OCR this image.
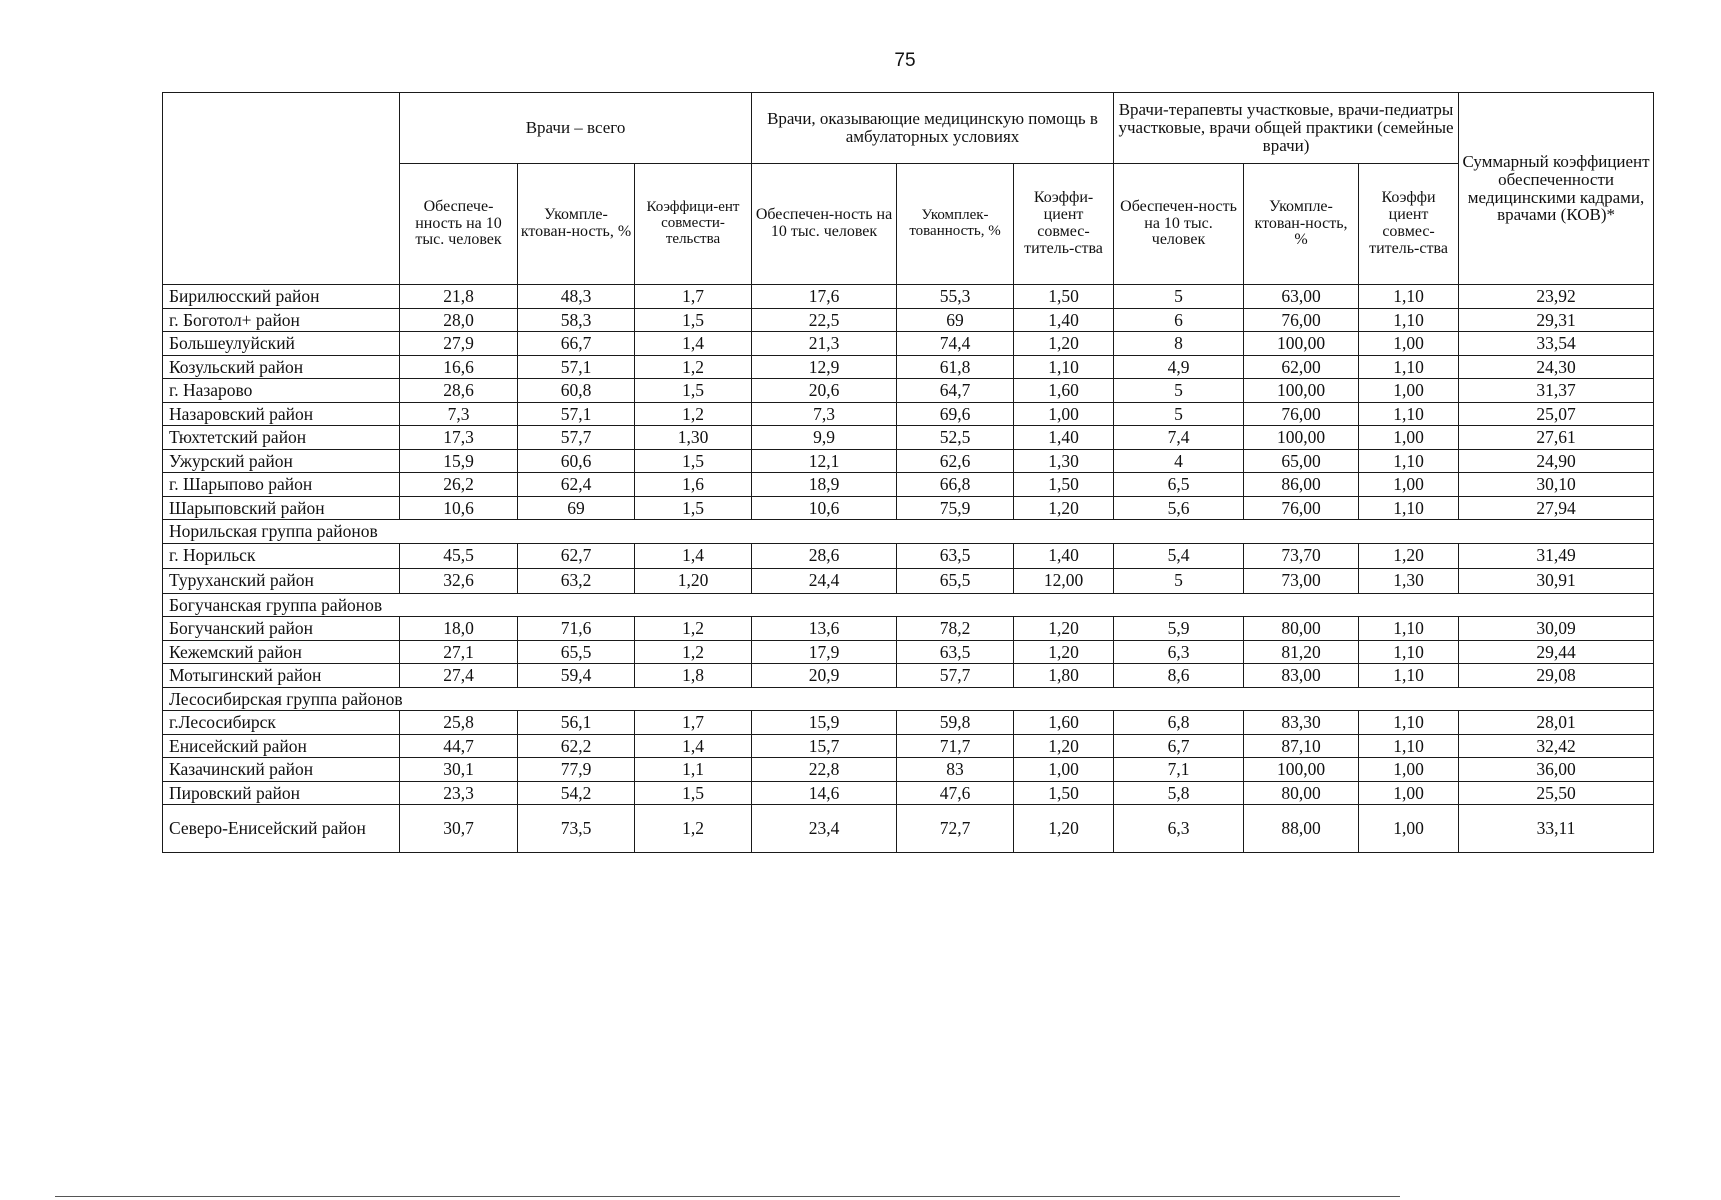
75
	Врачи – всего			Врачи, оказывающие медицинскую помощь в амбулаторных условиях			Врачи-терапевты участковые, врачи-педиатры участковые, врачи общей практики (семейные врачи)			Суммарный коэффициент обеспеченности медицинскими кадрами, врачами (КОВ)*
	Обеспече-нность на 10 тыс. человек	Укомпле-ктован-ность, %	Коэффици-ент совмести-тельства	Обеспечен-ность на 10 тыс. человек	Укомплек-тованность, %	Коэффи-циент совмес-титель-ства	Обеспечен-ность на 10 тыс. человек	Укомпле-ктован-ность, %	Коэффи циент совмес-титель-ства	
Бирилюсский район	21,8	48,3	1,7	17,6	55,3	1,50	5	63,00	1,10	23,92
г. Боготол+ район	28,0	58,3	1,5	22,5	69	1,40	6	76,00	1,10	29,31
Большеулуйский	27,9	66,7	1,4	21,3	74,4	1,20	8	100,00	1,00	33,54
Козульский район	16,6	57,1	1,2	12,9	61,8	1,10	4,9	62,00	1,10	24,30
г. Назарово	28,6	60,8	1,5	20,6	64,7	1,60	5	100,00	1,00	31,37
Назаровский район	7,3	57,1	1,2	7,3	69,6	1,00	5	76,00	1,10	25,07
Тюхтетский район	17,3	57,7	1,30	9,9	52,5	1,40	7,4	100,00	1,00	27,61
Ужурский район	15,9	60,6	1,5	12,1	62,6	1,30	4	65,00	1,10	24,90
г. Шарыпово район	26,2	62,4	1,6	18,9	66,8	1,50	6,5	86,00	1,00	30,10
Шарыповский район	10,6	69	1,5	10,6	75,9	1,20	5,6	76,00	1,10	27,94
Норильская группа районов										
г. Норильск	45,5	62,7	1,4	28,6	63,5	1,40	5,4	73,70	1,20	31,49
Туруханский район	32,6	63,2	1,20	24,4	65,5	12,00	5	73,00	1,30	30,91
Богучанская группа районов										
Богучанский район	18,0	71,6	1,2	13,6	78,2	1,20	5,9	80,00	1,10	30,09
Кежемский район	27,1	65,5	1,2	17,9	63,5	1,20	6,3	81,20	1,10	29,44
Мотыгинский район	27,4	59,4	1,8	20,9	57,7	1,80	8,6	83,00	1,10	29,08
Лесосибирская группа районов										
г.Лесосибирск	25,8	56,1	1,7	15,9	59,8	1,60	6,8	83,30	1,10	28,01
Енисейский район	44,7	62,2	1,4	15,7	71,7	1,20	6,7	87,10	1,10	32,42
Казачинский район	30,1	77,9	1,1	22,8	83	1,00	7,1	100,00	1,00	36,00
Пировский район	23,3	54,2	1,5	14,6	47,6	1,50	5,8	80,00	1,00	25,50
Северо-Енисейский район	30,7	73,5	1,2	23,4	72,7	1,20	6,3	88,00	1,00	33,11
